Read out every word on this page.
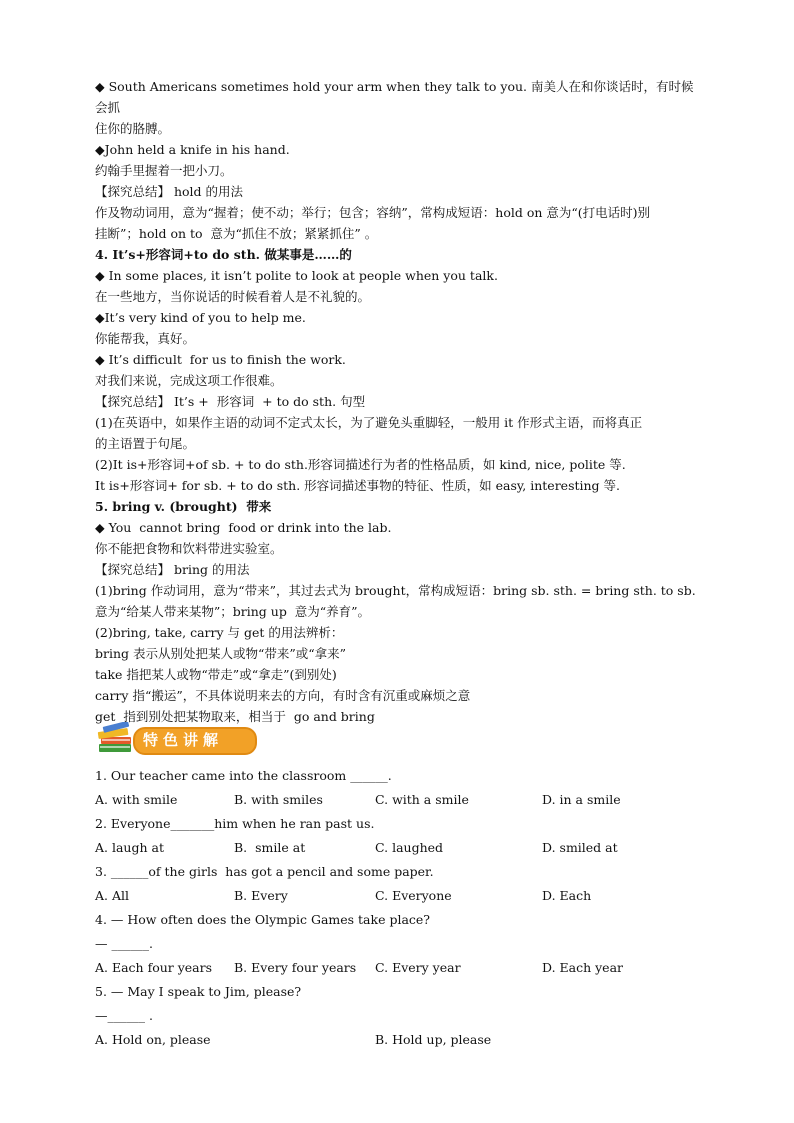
◆ South Americans sometimes hold your arm when they talk to you. 南美人在和你谈话时，有时候会抓
住你的胳膊。
◆John held a knife in his hand.
约翰手里握着一把小刀。
【探究总结】 hold 的用法
作及物动词用，意为“握着；使不动；举行；包含；容纳”，常构成短语：hold on 意为“(打电话时)别
挂断”；hold on to  意为“抓住不放；紧紧抓住” 。
4. It’s+形容词+to do sth. 做某事是……的
◆ In some places, it isn’t polite to look at people when you talk.
在一些地方，当你说话的时候看着人是不礼貌的。
◆It’s very kind of you to help me.
你能帮我，真好。
◆ It’s difficult  for us to finish the work.
对我们来说，完成这项工作很难。
【探究总结】 It’s +  形容词  + to do sth. 句型
(1)在英语中，如果作主语的动词不定式太长，为了避免头重脚轻，一般用 it 作形式主语，而将真正
的主语置于句尾。
(2)It is+形容词+of sb. + to do sth.形容词描述行为者的性格品质，如 kind, nice, polite 等.
It is+形容词+ for sb. + to do sth. 形容词描述事物的特征、性质，如 easy, interesting 等.
5. bring v. (brought)  带来
◆ You  cannot bring  food or drink into the lab.
你不能把食物和饮料带进实验室。
【探究总结】 bring 的用法
(1)bring 作动词用，意为“带来”，其过去式为 brought，常构成短语：bring sb. sth. = bring sth. to sb.
意为“给某人带来某物”；bring up  意为“养育”。
(2)bring, take, carry 与 get 的用法辨析：
bring 表示从别处把某人或物“带来”或“拿来”
take 指把某人或物“带走”或“拿走”(到别处)
carry 指“搬运”，不具体说明来去的方向，有时含有沉重或麻烦之意
get  指到别处把某物取来，相当于  go and bring
特色讲解
1. Our teacher came into the classroom ______.
A. with smile	B. with smiles	C. with a smile	D. in a smile
2. Everyone_______him when he ran past us.
A. laugh at	B.  smile at	C. laughed	D. smiled at
3. ______of the girls  has got a pencil and some paper.
A. All	B. Every	C. Everyone	D. Each
4. — How often does the Olympic Games take place?
— ______.
A. Each four years B. Every four years C. Every year	D. Each year
5. — May I speak to Jim, please?
—______ .
A. Hold on, please	B. Hold up, please
